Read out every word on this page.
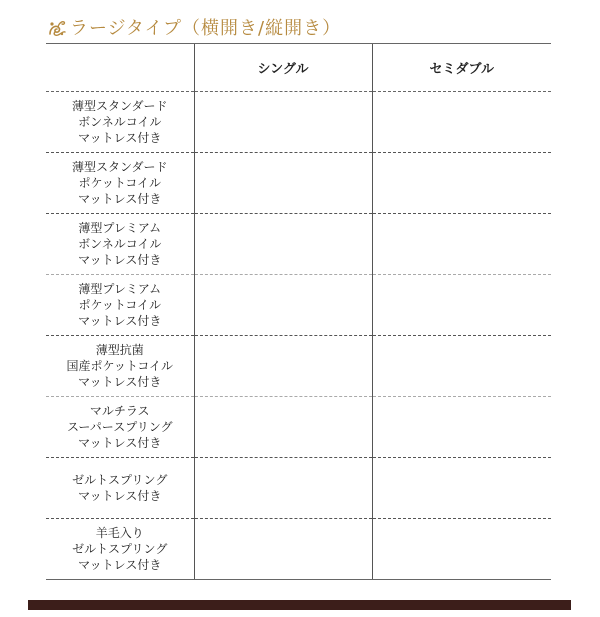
ラージタイプ（横開き/縦開き）
	シングル	セミダブル

薄型スタンダード
ボンネルコイル
マットレス付き		

薄型スタンダード
ポケットコイル
マットレス付き		

薄型プレミアム
ボンネルコイル
マットレス付き		

薄型プレミアム
ポケットコイル
マットレス付き		

薄型抗菌
国産ポケットコイル
マットレス付き		

マルチラス
スーパースプリング
マットレス付き		

ゼルトスプリング
マットレス付き		

羊毛入り
ゼルトスプリング
マットレス付き		
